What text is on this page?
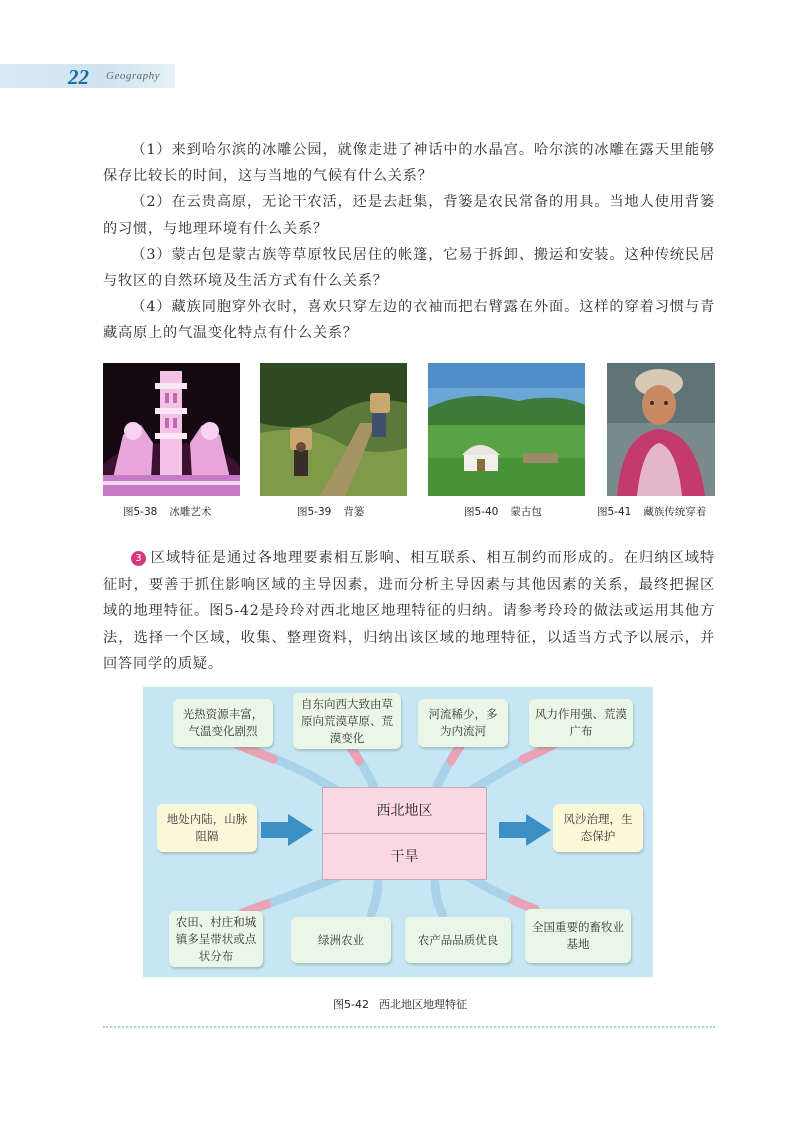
22 Geography

（1）来到哈尔滨的冰雕公园，就像走进了神话中的水晶宫。哈尔滨的冰雕在露天里能够保存比较长的时间，这与当地的气候有什么关系？

（2）在云贵高原，无论干农活，还是去赶集，背篓是农民常备的用具。当地人使用背篓的习惯，与地理环境有什么关系？

（3）蒙古包是蒙古族等草原牧民居住的帐篷，它易于拆卸、搬运和安装。这种传统民居与牧区的自然环境及生活方式有什么关系？

（4）藏族同胞穿外衣时，喜欢只穿左边的衣袖而把右臂露在外面。这样的穿着习惯与青藏高原上的气温变化特点有什么关系？

图5-38 冰雕艺术	图5-39 背篓	图5-40 蒙古包	图5-41 藏族传统穿着

3 区域特征是通过各地理要素相互影响、相互联系、相互制约而形成的。在归纳区域特征时，要善于抓住影响区域的主导因素，进而分析主导因素与其他因素的关系，最终把握区域的地理特征。图5-42是玲玲对西北地区地理特征的归纳。请参考玲玲的做法或运用其他方法，选择一个区域，收集、整理资料，归纳出该区域的地理特征，以适当方式予以展示，并回答同学的质疑。

光热资源丰富，气温变化剧烈
自东向西大致由草原向荒漠草原、荒漠变化
河流稀少，多为内流河
风力作用强、荒漠广布
地处内陆，山脉阻隔
西北地区
干旱
风沙治理，生态保护
农田、村庄和城镇多呈带状或点状分布
绿洲农业	农产品品质优良
全国重要的畜牧业基地
图5-42 西北地区地理特征
